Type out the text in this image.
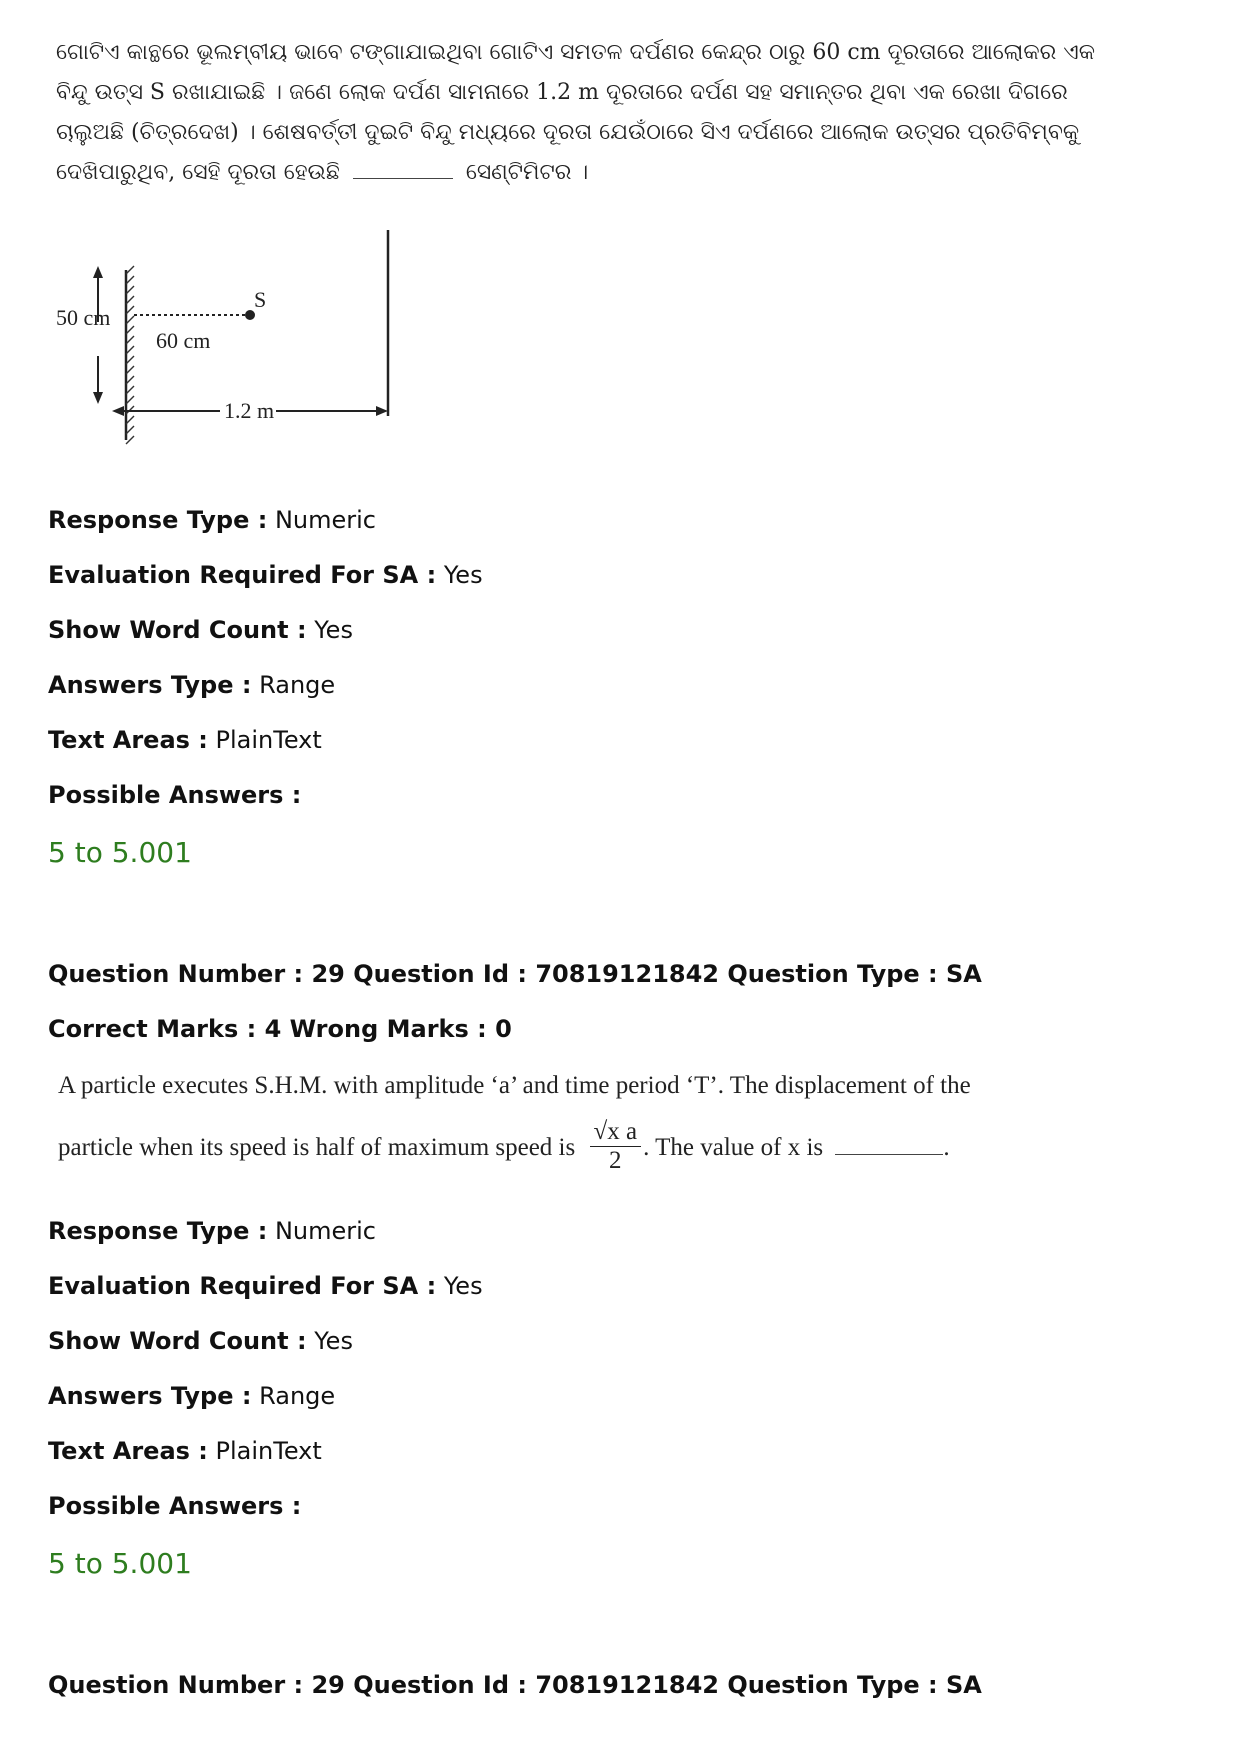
ଗୋଟିଏ କାନ୍ଥରେ ଭୂଲମ୍ବୀୟ ଭାବେ ଟଙ୍ଗାଯାଇଥିବା ଗୋଟିଏ ସମତଳ ଦର୍ପଣର କେନ୍ଦ୍ର ଠାରୁ 60 cm ଦୂରତାରେ ଆଲୋକର ଏକ
ବିନ୍ଦୁ ଉତ୍ସ S ରଖାଯାଇଛି । ଜଣେ ଲୋକ ଦର୍ପଣ ସାମନାରେ 1.2 m ଦୂରତାରେ ଦର୍ପଣ ସହ ସମାନ୍ତର ଥିବା ଏକ ରେଖା ଦିଗରେ
ଚାଲୁଅଛି (ଚିତ୍ରଦେଖ) । ଶେଷବର୍ତ୍ତୀ ଦୁଇଟି ବିନ୍ଦୁ ମଧ୍ୟରେ ଦୂରତା ଯେଉଁଠାରେ ସିଏ ଦର୍ପଣରେ ଆଲୋକ ଉତ୍ସର ପ୍ରତିବିମ୍ବକୁ
ଦେଖିପାରୁଥିବ, ସେହି ଦୂରତା ହେଉଛି	ସେଣ୍ଟିମିଟର ।
50 cm
S
60 cm
1.2 m
Response Type : Numeric
Evaluation Required For SA : Yes
Show Word Count : Yes
Answers Type : Range
Text Areas : PlainText
Possible Answers :
5 to 5.001
Question Number : 29 Question Id : 70819121842 Question Type : SA
Correct Marks : 4 Wrong Marks : 0
A particle executes S.H.M. with amplitude ‘a’ and time period ‘T’. The displacement of the
particle when its speed is half of maximum speed is $\frac{\text{√x a}}{2}$ . The value of x is	.
Response Type : Numeric
Evaluation Required For SA : Yes
Show Word Count : Yes
Answers Type : Range
Text Areas : PlainText
Possible Answers :
5 to 5.001
Question Number : 29 Question Id : 70819121842 Question Type : SA
